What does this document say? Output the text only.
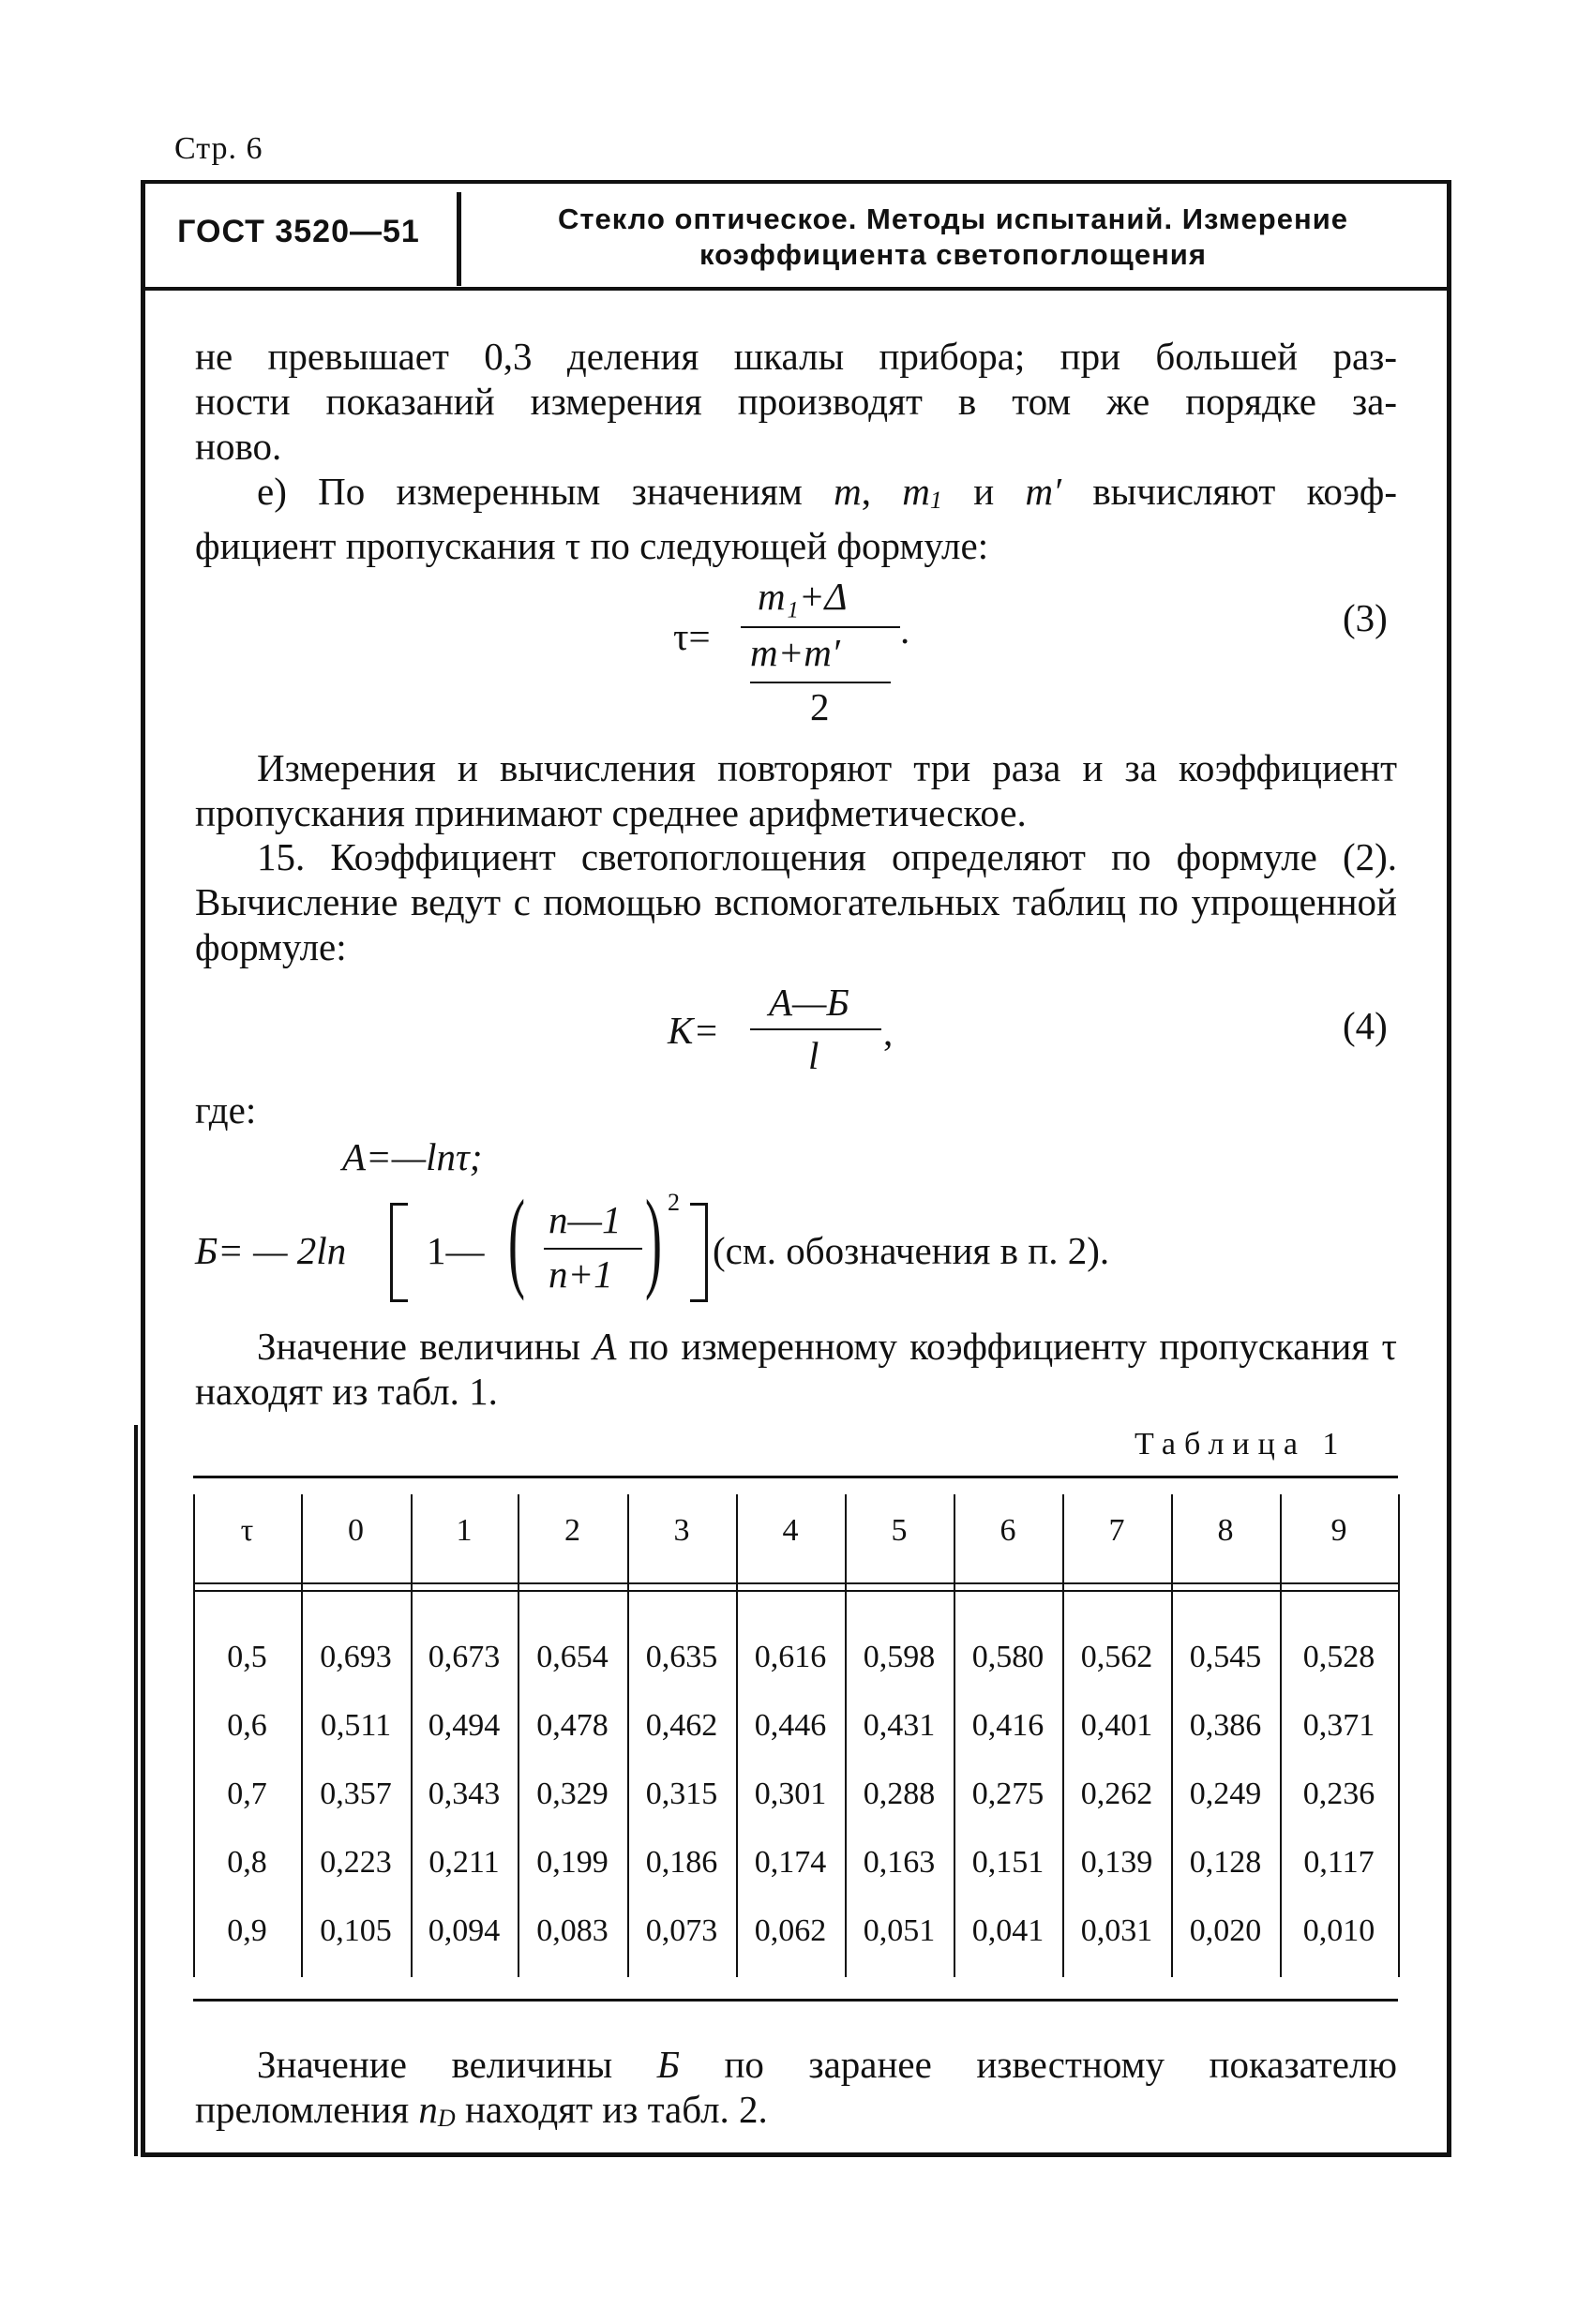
Стр. 6
ГОСТ 3520—51	Стекло оптическое. Методы испытаний. Измерение
коэффициента светопоглощения
не превышает 0,3 деления шкалы прибора; при большей раз-
ности показаний измерения производят в том же порядке за-
ново.
е) По измеренным значениям m, m1 и m′ вычисляют коэф-
фициент пропускания τ по следующей формуле:
τ=
m₁+Δ
.
m+m′
2
(3)
Измерения и вычисления повторяют три раза и за коэффициент пропускания принимают среднее арифметическое.
15. Коэффициент светопоглощения определяют по формуле (2). Вычисление ведут с помощью вспомогательных таблиц по упрощенной формуле:
K=
A—Б
,
l
(4)
где:
A=—lnτ;
Б= — 2ln 1— ( n—1
n+1 ) 2
(см. обозначения в п. 2).
Значение величины A по измеренному коэффициенту пропускания τ находят из табл. 1.
Таблица 1
τ	0	1	2	3	4	5	6	7	8	9
0,5	0,693	0,673	0,654	0,635	0,616	0,598	0,580	0,562	0,545	0,528
0,6	0,511	0,494	0,478	0,462	0,446	0,431	0,416	0,401	0,386	0,371
0,7	0,357	0,343	0,329	0,315	0,301	0,288	0,275	0,262	0,249	0,236
0,8	0,223	0,211	0,199	0,186	0,174	0,163	0,151	0,139	0,128	0,117
0,9	0,105	0,094	0,083	0,073	0,062	0,051	0,041	0,031	0,020	0,010
Значение величины Б по заранее известному показателю преломления nD находят из табл. 2.
